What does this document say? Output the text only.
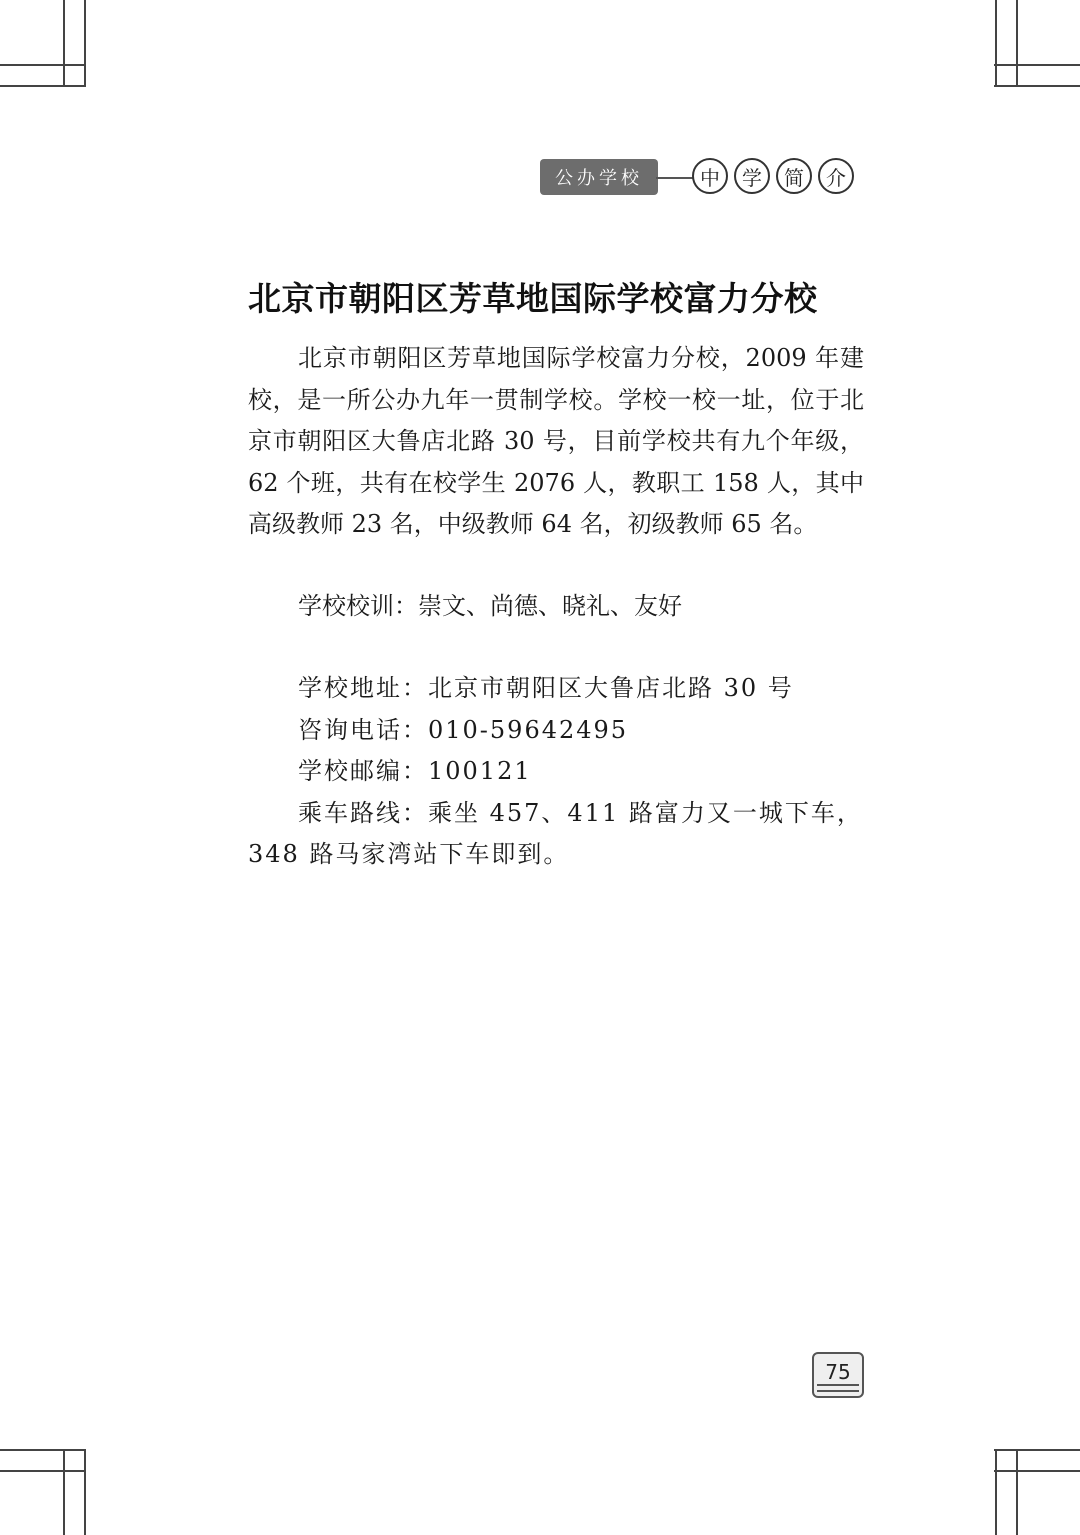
公办学校	中	学	简	介
北京市朝阳区芳草地国际学校富力分校

北京市朝阳区芳草地国际学校富力分校，2009 年建校，是一所公办九年一贯制学校。学校一校一址，位于北京市朝阳区大鲁店北路 30 号，目前学校共有九个年级，62 个班，共有在校学生 2076 人，教职工 158 人，其中高级教师 23 名，中级教师 64 名，初级教师 65 名。

学校校训：崇文、尚德、晓礼、友好

学校地址：北京市朝阳区大鲁店北路 30 号
咨询电话：010-59642495
学校邮编：100121
乘车路线：乘坐 457、411 路富力又一城下车，348 路马家湾站下车即到。
75
